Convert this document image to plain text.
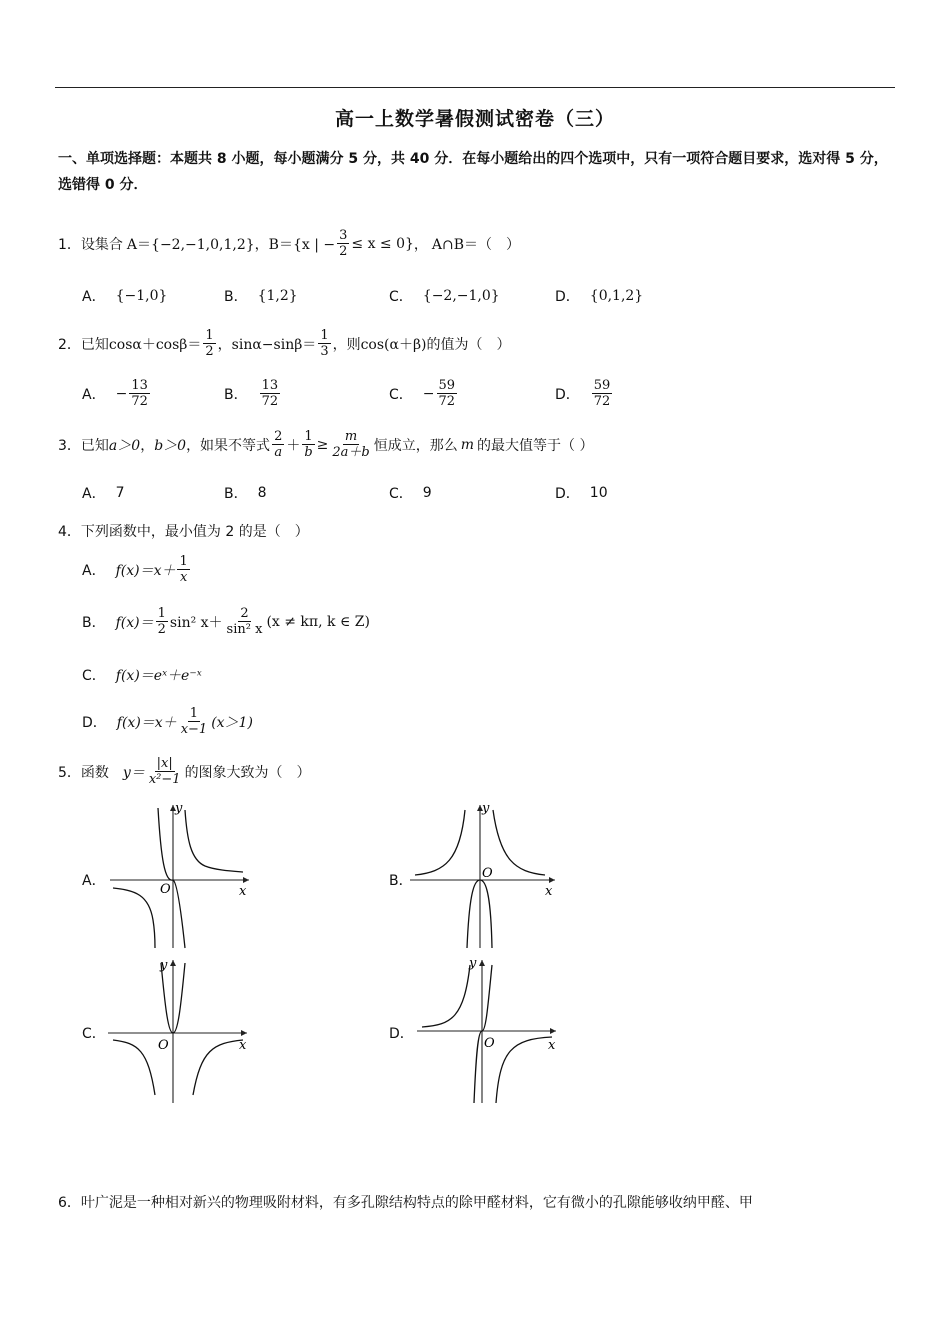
高一上数学暑假测试密卷（三）
一、单项选择题：本题共 8 小题，每小题满分 5 分，共 40 分．在每小题给出的四个选项中，只有一项符合题目要求，选对得 5 分，选错得 0 分．
1． 设集合 A＝{−2,−1,0,1,2} ， B＝{x | − $\frac{3}{2} \le x \le 0$} ， A∩B＝（　）
A． {−1,0}	B． {1,2}	C． {−2,−1,0}	D． {0,1,2}
2． 已知 $\cos\alpha+\cos\beta= \frac{1}{2}$ ， $\sin\alpha-\sin\beta= \frac{1}{3}$ ，则 cos(α＋β) 的值为（　）
A． − $\frac{13}{72}$	B． $\frac{13}{72}$	C． − $\frac{59}{72}$	D． $\frac{59}{72}$
3． 已知 a＞0 ， b＞0 ，如果不等式 $\frac{2}{a} + \frac{1}{b} \ge \frac{m}{2a+b}$ 恒成立，那么 m 的最大值等于（ ）
A． 7	B． 8	C． 9	D． 10
4． 下列函数中，最小值为 2 的是（　）
A． $f(x)=x+ \frac{1}{x}$
B． $f(x)= \frac{1}{2} \sin^2$ $x+ \frac{2}{\text{sin² x}} (x \ne k\pi$, k ∈ Z)
C． f(x)＝eˣ＋e⁻ˣ
D． $f(x)=x+ \frac{1}{x-1} (x>1)$
5． 函数 $y= \frac{|x|}{\text{x²−1}}$ 的图象大致为（　）
A．
y
x
O
B．
y
x
O
C．
y
x
O
D．
y
x
O
6．叶广泥是一种相对新兴的物理吸附材料，有多孔隙结构特点的除甲醛材料，它有微小的孔隙能够收纳甲醛、甲
